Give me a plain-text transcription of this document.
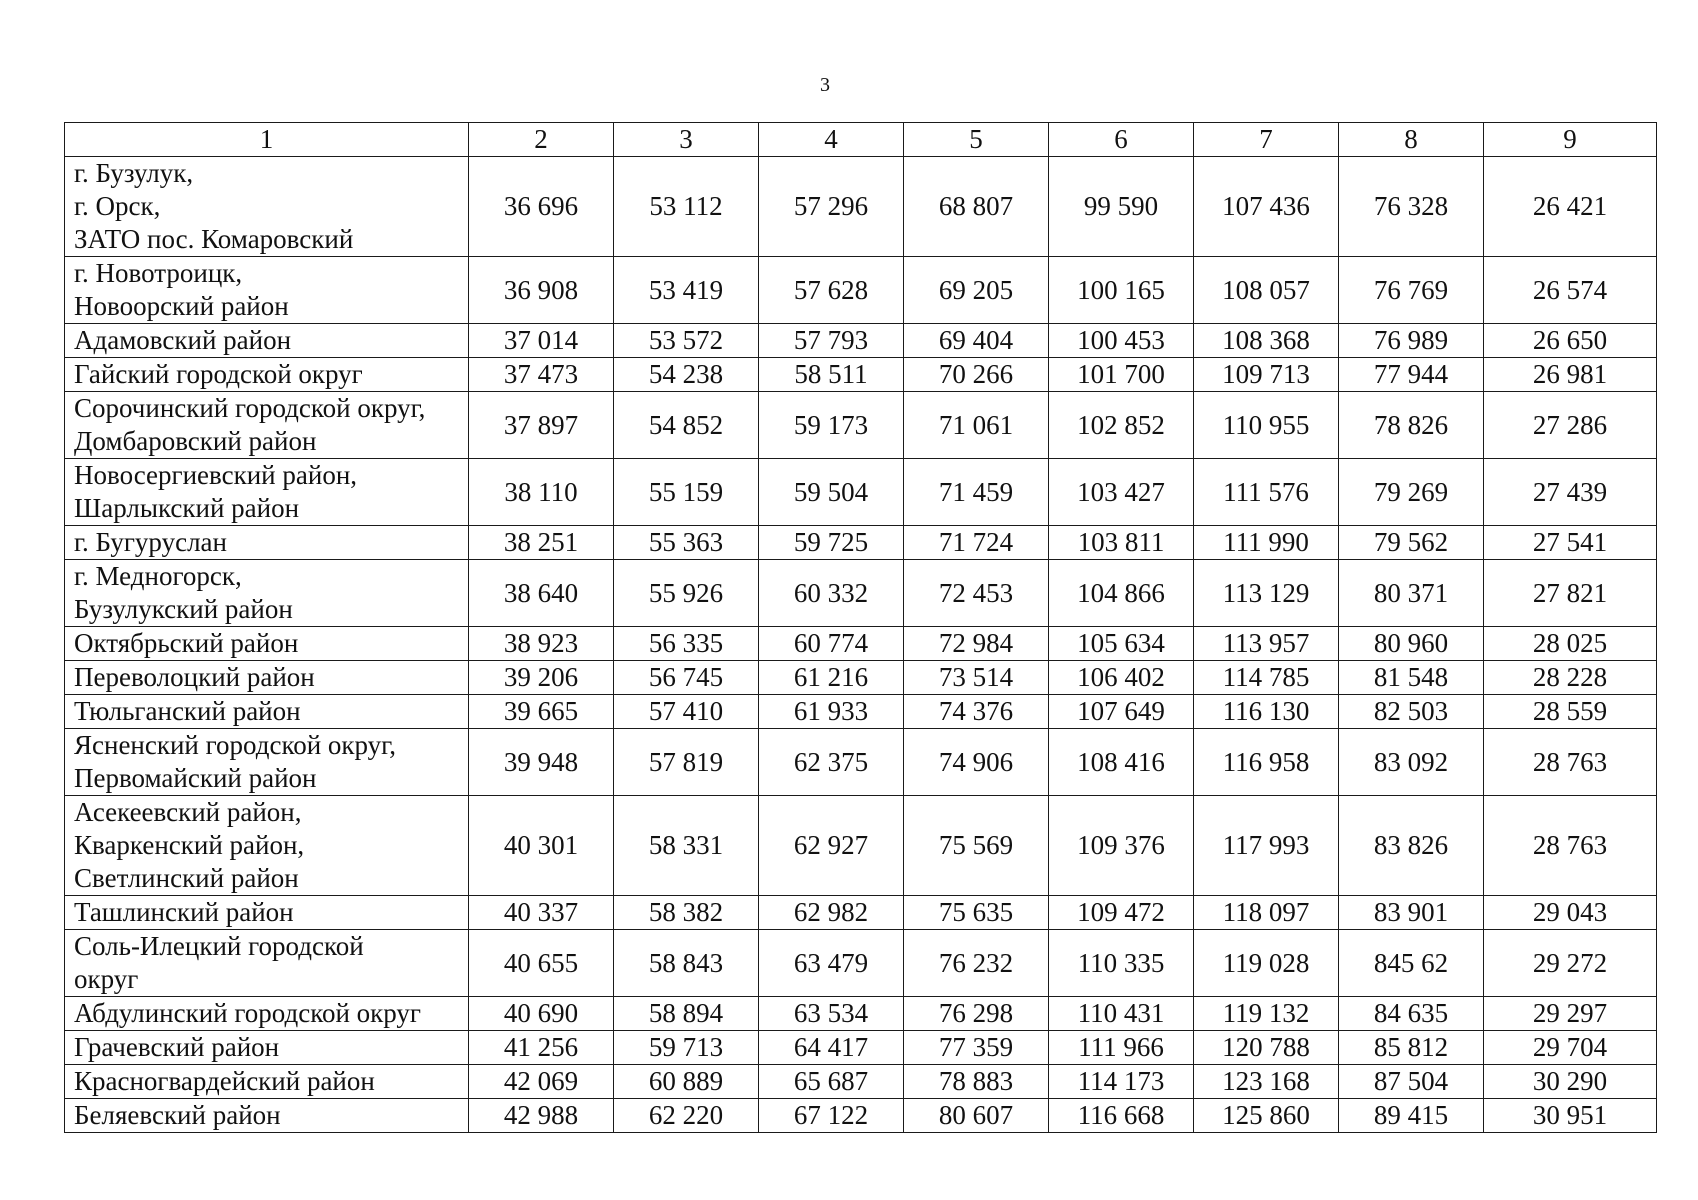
3
1	2	3	4	5	6	7	8	9

г. Бузулук,
г. Орск,
ЗАТО пос. Комаровский	36 696	53 112	57 296	68 807	99 590	107 436	76 328	26 421

г. Новотроицк,
Новоорский район	36 908	53 419	57 628	69 205	100 165	108 057	76 769	26 574

Адамовский район	37 014	53 572	57 793	69 404	100 453	108 368	76 989	26 650

Гайский городской округ	37 473	54 238	58 511	70 266	101 700	109 713	77 944	26 981

Сорочинский городской округ,
Домбаровский район	37 897	54 852	59 173	71 061	102 852	110 955	78 826	27 286

Новосергиевский район,
Шарлыкский район	38 110	55 159	59 504	71 459	103 427	111 576	79 269	27 439

г. Бугуруслан	38 251	55 363	59 725	71 724	103 811	111 990	79 562	27 541

г. Медногорск,
Бузулукский район	38 640	55 926	60 332	72 453	104 866	113 129	80 371	27 821

Октябрьский район	38 923	56 335	60 774	72 984	105 634	113 957	80 960	28 025

Переволоцкий район	39 206	56 745	61 216	73 514	106 402	114 785	81 548	28 228

Тюльганский район	39 665	57 410	61 933	74 376	107 649	116 130	82 503	28 559

Ясненский городской округ,
Первомайский район	39 948	57 819	62 375	74 906	108 416	116 958	83 092	28 763

Асекеевский район,
Кваркенский район,
Светлинский район	40 301	58 331	62 927	75 569	109 376	117 993	83 826	28 763

Ташлинский район	40 337	58 382	62 982	75 635	109 472	118 097	83 901	29 043

Соль-Илецкий городской
округ	40 655	58 843	63 479	76 232	110 335	119 028	845 62	29 272

Абдулинский городской округ	40 690	58 894	63 534	76 298	110 431	119 132	84 635	29 297

Грачевский район	41 256	59 713	64 417	77 359	111 966	120 788	85 812	29 704

Красногвардейский район	42 069	60 889	65 687	78 883	114 173	123 168	87 504	30 290

Беляевский район	42 988	62 220	67 122	80 607	116 668	125 860	89 415	30 951
